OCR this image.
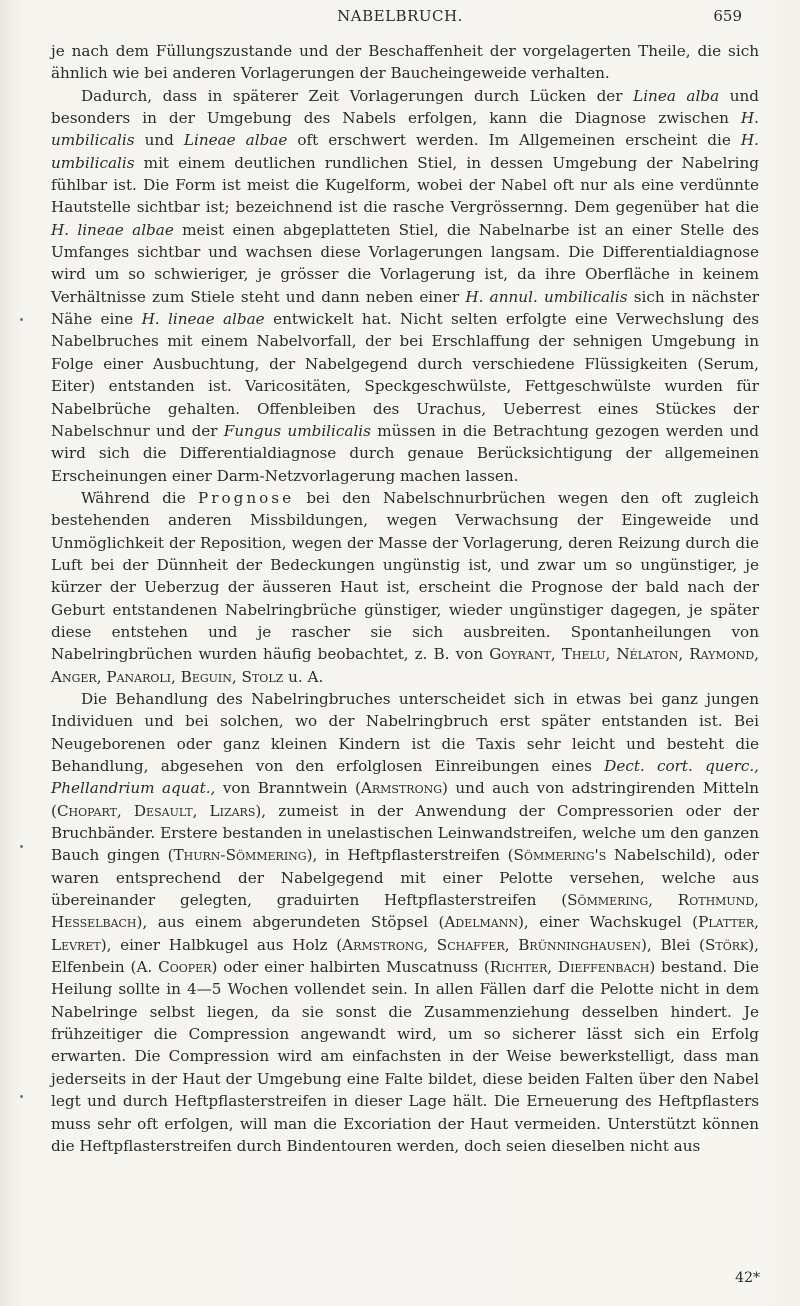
NABELBRUCH.	659

je nach dem Füllungszustande und der Beschaffenheit der vorgelagerten Theile, die sich ähnlich wie bei anderen Vorlagerungen der Baucheingeweide verhalten.

Dadurch, dass in späterer Zeit Vorlagerungen durch Lücken der Linea alba und besonders in der Umgebung des Nabels erfolgen, kann die Diagnose zwischen H. umbilicalis und Lineae albae oft erschwert werden. Im Allgemeinen erscheint die H. umbilicalis mit einem deutlichen rundlichen Stiel, in dessen Umgebung der Nabelring fühlbar ist. Die Form ist meist die Kugelform, wobei der Nabel oft nur als eine verdünnte Hautstelle sichtbar ist; bezeichnend ist die rasche Vergrössernng. Dem gegenüber hat die H. lineae albae meist einen abgeplatteten Stiel, die Nabelnarbe ist an einer Stelle des Umfanges sichtbar und wachsen diese Vorlagerungen langsam. Die Differentialdiagnose wird um so schwieriger, je grösser die Vorlagerung ist, da ihre Oberfläche in keinem Verhältnisse zum Stiele steht und dann neben einer H. annul. umbilicalis sich in nächster Nähe eine H. lineae albae entwickelt hat. Nicht selten erfolgte eine Verwechslung des Nabelbruches mit einem Nabelvorfall, der bei Erschlaffung der sehnigen Umgebung in Folge einer Ausbuchtung, der Nabelgegend durch verschiedene Flüssigkeiten (Serum, Eiter) entstanden ist. Varicositäten, Speckgeschwülste, Fettgeschwülste wurden für Nabelbrüche gehalten. Offenbleiben des Urachus, Ueberrest eines Stückes der Nabelschnur und der Fungus umbilicalis müssen in die Betrachtung gezogen werden und wird sich die Differentialdiagnose durch genaue Berücksichtigung der allgemeinen Erscheinungen einer Darm-Netzvorlagerung machen lassen.

Während die Prognose bei den Nabelschnurbrüchen wegen den oft zugleich bestehenden anderen Missbildungen, wegen Verwachsung der Eingeweide und Unmöglichkeit der Reposition, wegen der Masse der Vorlagerung, deren Reizung durch die Luft bei der Dünnheit der Bedeckungen ungünstig ist, und zwar um so ungünstiger, je kürzer der Ueberzug der äusseren Haut ist, erscheint die Prognose der bald nach der Geburt entstandenen Nabelringbrüche günstiger, wieder ungünstiger dagegen, je später diese entstehen und je rascher sie sich ausbreiten. Spontanheilungen von Nabelringbrüchen wurden häufig beobachtet, z. B. von Goyrant, Thelu, Nélaton, Raymond, Anger, Panaroli, Beguin, Stolz u. A.

Die Behandlung des Nabelringbruches unterscheidet sich in etwas bei ganz jungen Individuen und bei solchen, wo der Nabelringbruch erst später entstanden ist. Bei Neugeborenen oder ganz kleinen Kindern ist die Taxis sehr leicht und besteht die Behandlung, abgesehen von den erfolglosen Einreibungen eines Dect. cort. querc., Phellandrium aquat., von Branntwein (Armstrong) und auch von adstringirenden Mitteln (Chopart, Desault, Lizars), zumeist in der Anwendung der Compressorien oder der Bruchbänder. Erstere bestanden in unelastischen Leinwandstreifen, welche um den ganzen Bauch gingen (Thurn-Sömmering), in Heftpflasterstreifen (Sömmering's Nabelschild), oder waren entsprechend der Nabelgegend mit einer Pelotte versehen, welche aus übereinander gelegten, graduirten Heftpflasterstreifen (Sömmering, Rothmund, Hesselbach), aus einem abgerundeten Stöpsel (Adelmann), einer Wachskugel (Platter, Levret), einer Halbkugel aus Holz (Armstrong, Schaffer, Brünninghausen), Blei (Störk), Elfenbein (A. Cooper) oder einer halbirten Muscatnuss (Richter, Dieffenbach) bestand. Die Heilung sollte in 4—5 Wochen vollendet sein. In allen Fällen darf die Pelotte nicht in dem Nabelringe selbst liegen, da sie sonst die Zusammenziehung desselben hindert. Je frühzeitiger die Compression angewandt wird, um so sicherer lässt sich ein Erfolg erwarten. Die Compression wird am einfachsten in der Weise bewerkstelligt, dass man jederseits in der Haut der Umgebung eine Falte bildet, diese beiden Falten über den Nabel legt und durch Heftpflasterstreifen in dieser Lage hält. Die Erneuerung des Heftpflasters muss sehr oft erfolgen, will man die Excoriation der Haut vermeiden. Unterstützt können die Heftpflasterstreifen durch Bindentouren werden, doch seien dieselben nicht aus

42*
